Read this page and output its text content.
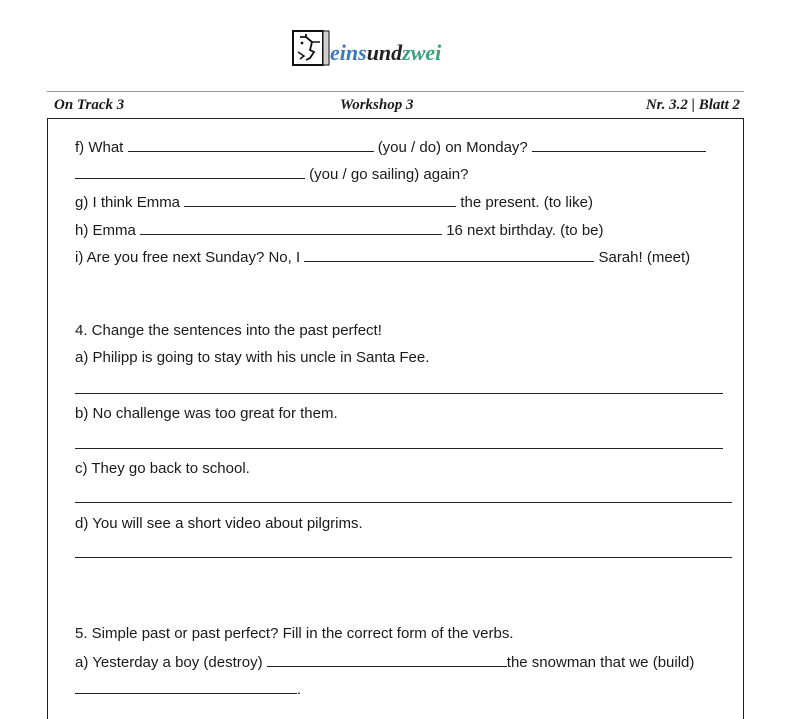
einsundzwei
On Track 3	Workshop 3	Nr. 3.2 | Blatt 2
f) What	(you / do) on Monday?
(you / go sailing) again?
g) I think Emma	the present. (to like)
h) Emma	16 next birthday. (to be)
i) Are you free next Sunday? No, I	Sarah! (meet)
4. Change the sentences into the past perfect!
a) Philipp is going to stay with his uncle in Santa Fee.
b) No challenge was too great for them.
c) They go back to school.
d) You will see a short video about pilgrims.
5. Simple past or past perfect? Fill in the correct form of the verbs.
a) Yesterday a boy (destroy)	the snowman that we (build)
.
